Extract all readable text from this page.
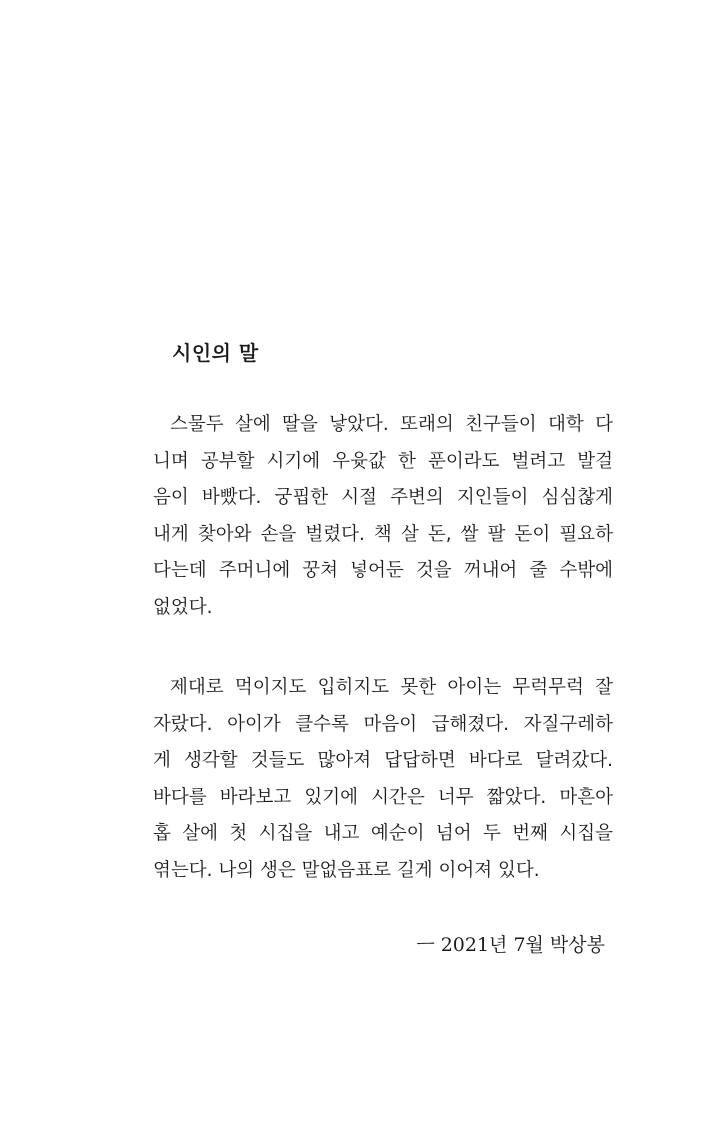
시인의 말
스물두 살에 딸을 낳았다. 또래의 친구들이 대학 다
니며 공부할 시기에 우윳값 한 푼이라도 벌려고 발걸
음이 바빴다. 궁핍한 시절 주변의 지인들이 심심찮게
내게 찾아와 손을 벌렸다. 책 살 돈, 쌀 팔 돈이 필요하
다는데 주머니에 꿍쳐 넣어둔 것을 꺼내어 줄 수밖에
없었다.
제대로 먹이지도 입히지도 못한 아이는 무럭무럭 잘
자랐다. 아이가 클수록 마음이 급해졌다. 자질구레하
게 생각할 것들도 많아져 답답하면 바다로 달려갔다.
바다를 바라보고 있기에 시간은 너무 짧았다. 마흔아
홉 살에 첫 시집을 내고 예순이 넘어 두 번째 시집을
엮는다. 나의 생은 말없음표로 길게 이어져 있다.
ㅡ 2021년 7월 박상봉
